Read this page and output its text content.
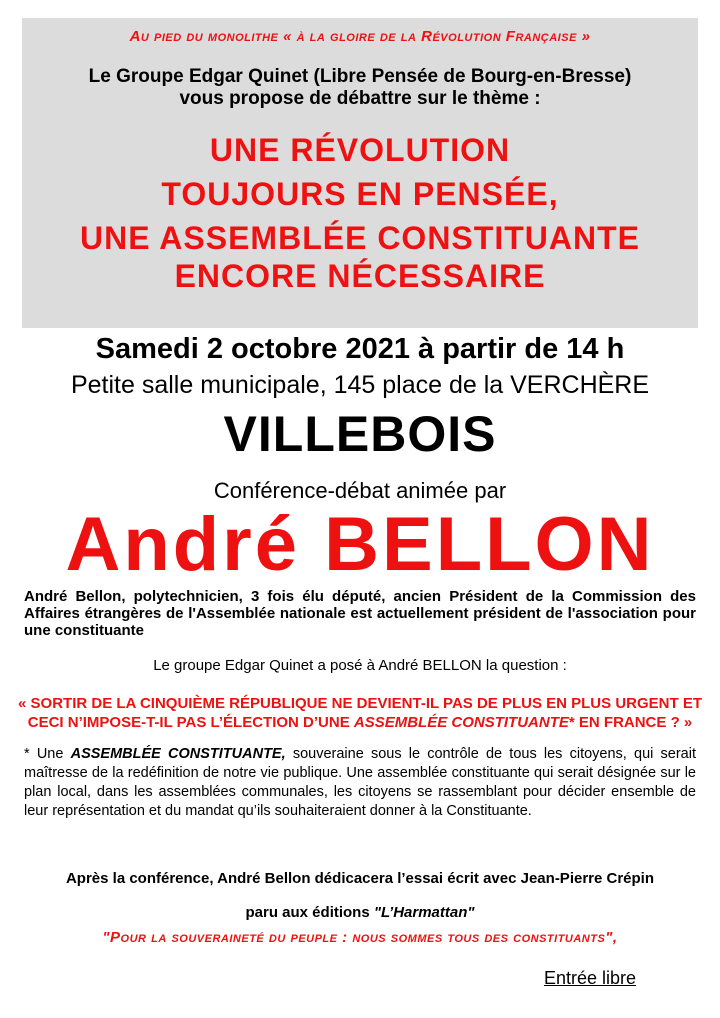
Au pied du monolithe « à la gloire de la Révolution Française »
Le Groupe Edgar Quinet (Libre Pensée de Bourg-en-Bresse)
vous propose de débattre sur le thème :
UNE RÉVOLUTION
TOUJOURS EN PENSÉE,
UNE ASSEMBLÉE CONSTITUANTE
ENCORE NÉCESSAIRE
Samedi 2 octobre 2021 à partir de 14 h
Petite salle municipale, 145 place de la VERCHÈRE
VILLEBOIS
Conférence-débat animée par
André BELLON
André Bellon, polytechnicien, 3 fois élu député, ancien Président de la Commission des Affaires étrangères de l'Assemblée nationale est actuellement président de l'association pour une constituante
Le groupe Edgar Quinet a posé à André BELLON la question :
« SORTIR DE LA CINQUIÈME RÉPUBLIQUE NE DEVIENT-IL PAS DE PLUS EN PLUS URGENT ET
CECI N’IMPOSE-T-IL PAS L’ÉLECTION D’UNE ASSEMBLÉE CONSTITUANTE* EN FRANCE ? »
* Une ASSEMBLÉE CONSTITUANTE, souveraine sous le contrôle de tous les citoyens, qui serait maîtresse de la redéfinition de notre vie publique. Une assemblée constituante qui serait désignée sur le plan local, dans les assemblées communales, les citoyens se rassemblant pour décider ensemble de leur représentation et du mandat qu’ils souhaiteraient donner à la Constituante.
Après la conférence, André Bellon dédicacera l’essai écrit avec Jean-Pierre Crépin
paru aux éditions "L’Harmattan"
"Pour la souveraineté du peuple : nous sommes tous des constituants",
Entrée libre
